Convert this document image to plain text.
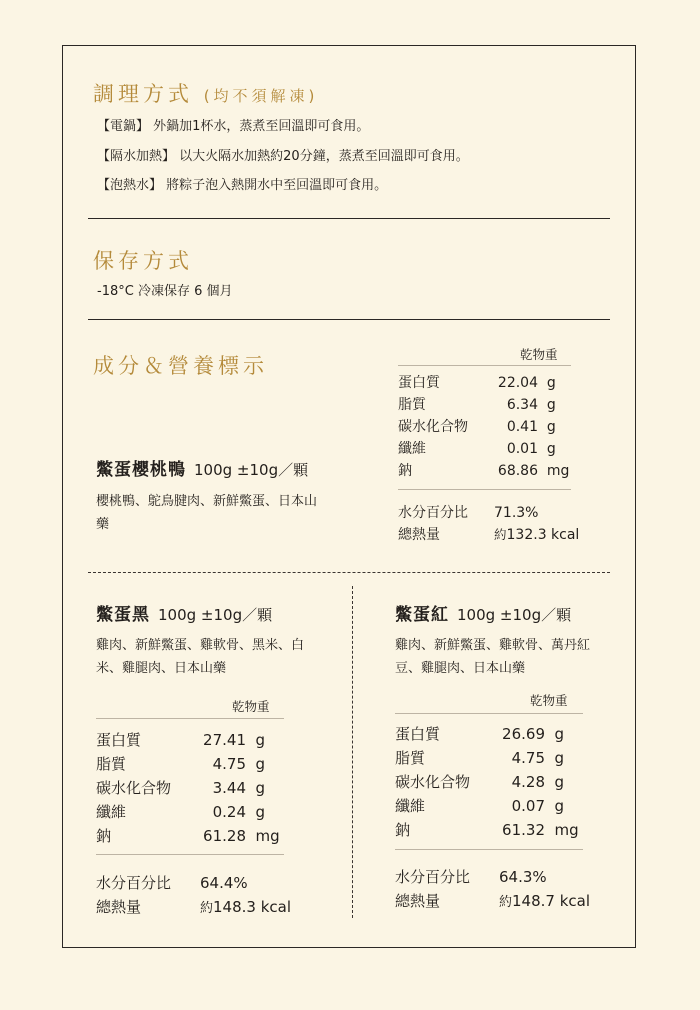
調理方式 (均不須解凍)
【電鍋】 外鍋加1杯水，蒸煮至回溫即可食用。
【隔水加熱】 以大火隔水加熱約20分鐘，蒸煮至回溫即可食用。
【泡熱水】 將粽子泡入熱開水中至回溫即可食用。
保存方式
-18°C 冷凍保存 6 個月
成分＆營養標示
鱉蛋櫻桃鴨 100g ±10g／顆
櫻桃鴨、鴕鳥腱肉、新鮮鱉蛋、日本山藥
乾物重
蛋白質	22.04 g
脂質	6.34 g
碳水化合物	0.41 g
纖維	0.01 g
鈉	68.86 mg
水分百分比 71.3%
總熱量	約132.3 kcal
鱉蛋黑 100g ±10g／顆
雞肉、新鮮鱉蛋、雞軟骨、黑米、白米、雞腿肉、日本山藥
乾物重
蛋白質	27.41 g
脂質	4.75 g
碳水化合物	3.44 g
纖維	0.24 g
鈉	61.28 mg
水分百分比 64.4%
總熱量	約148.3 kcal
鱉蛋紅 100g ±10g／顆
雞肉、新鮮鱉蛋、雞軟骨、萬丹紅豆、雞腿肉、日本山藥
乾物重
蛋白質	26.69 g
脂質	4.75 g
碳水化合物	4.28 g
纖維	0.07 g
鈉	61.32 mg
水分百分比 64.3%
總熱量	約148.7 kcal
